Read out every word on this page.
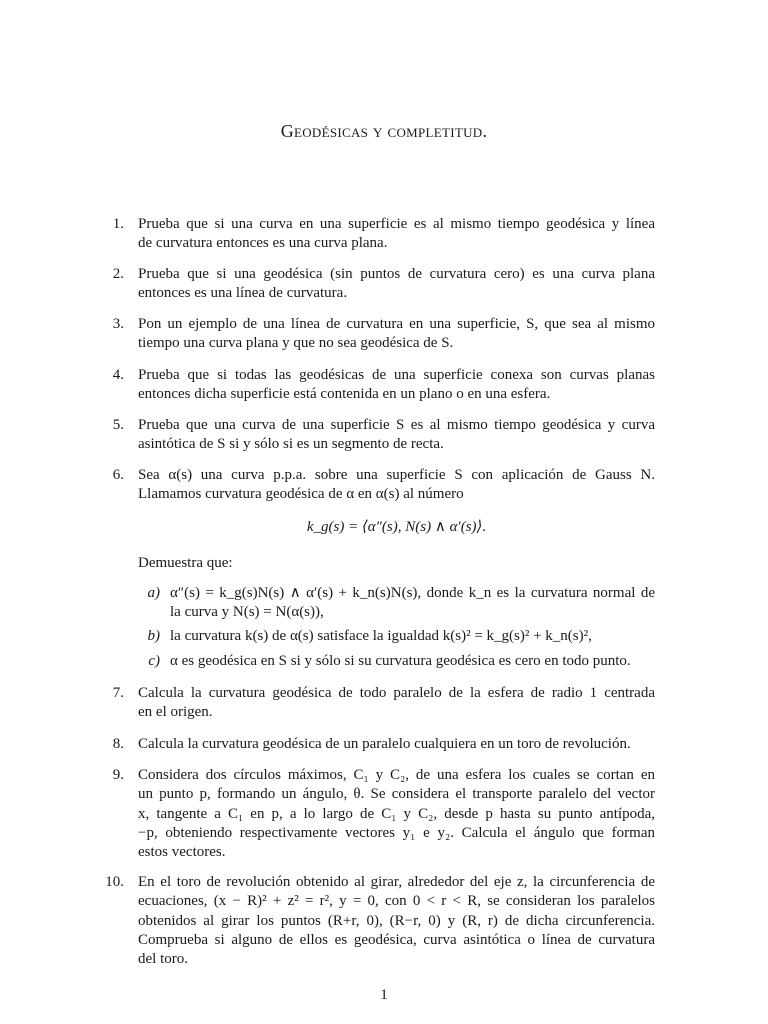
Geodésicas y completitud.
1. Prueba que si una curva en una superficie es al mismo tiempo geodésica y línea
de curvatura entonces es una curva plana.
2. Prueba que si una geodésica (sin puntos de curvatura cero) es una curva plana
entonces es una línea de curvatura.
3. Pon un ejemplo de una línea de curvatura en una superficie, S, que sea al mismo
tiempo una curva plana y que no sea geodésica de S.
4. Prueba que si todas las geodésicas de una superficie conexa son curvas planas
entonces dicha superficie está contenida en un plano o en una esfera.
5. Prueba que una curva de una superficie S es al mismo tiempo geodésica y curva
asintótica de S si y sólo si es un segmento de recta.
6. Sea α(s) una curva p.p.a. sobre una superficie S con aplicación de Gauss N.
Llamamos curvatura geodésica de α en α(s) al número
k_g(s) = ⟨α″(s), N(s) ∧ α′(s)⟩.
Demuestra que:
a) α″(s) = k_g(s)N(s) ∧ α′(s) + k_n(s)N(s), donde k_n es la curvatura normal de
la curva y N(s) = N(α(s)),
b) la curvatura k(s) de α(s) satisface la igualdad k(s)² = k_g(s)² + k_n(s)²,
c) α es geodésica en S si y sólo si su curvatura geodésica es cero en todo punto.
7. Calcula la curvatura geodésica de todo paralelo de la esfera de radio 1 centrada
en el origen.
8. Calcula la curvatura geodésica de un paralelo cualquiera en un toro de revolución.
9. Considera dos círculos máximos, C₁ y C₂, de una esfera los cuales se cortan en
un punto p, formando un ángulo, θ. Se considera el transporte paralelo del vector
x, tangente a C₁ en p, a lo largo de C₁ y C₂, desde p hasta su punto antípoda,
−p, obteniendo respectivamente vectores y₁ e y₂. Calcula el ángulo que forman
estos vectores.
10. En el toro de revolución obtenido al girar, alrededor del eje z, la circunferencia de
ecuaciones, (x − R)² + z² = r², y = 0, con 0 < r < R, se consideran los paralelos
obtenidos al girar los puntos (R+r, 0), (R−r, 0) y (R, r) de dicha circunferencia.
Comprueba si alguno de ellos es geodésica, curva asintótica o línea de curvatura
del toro.
1
